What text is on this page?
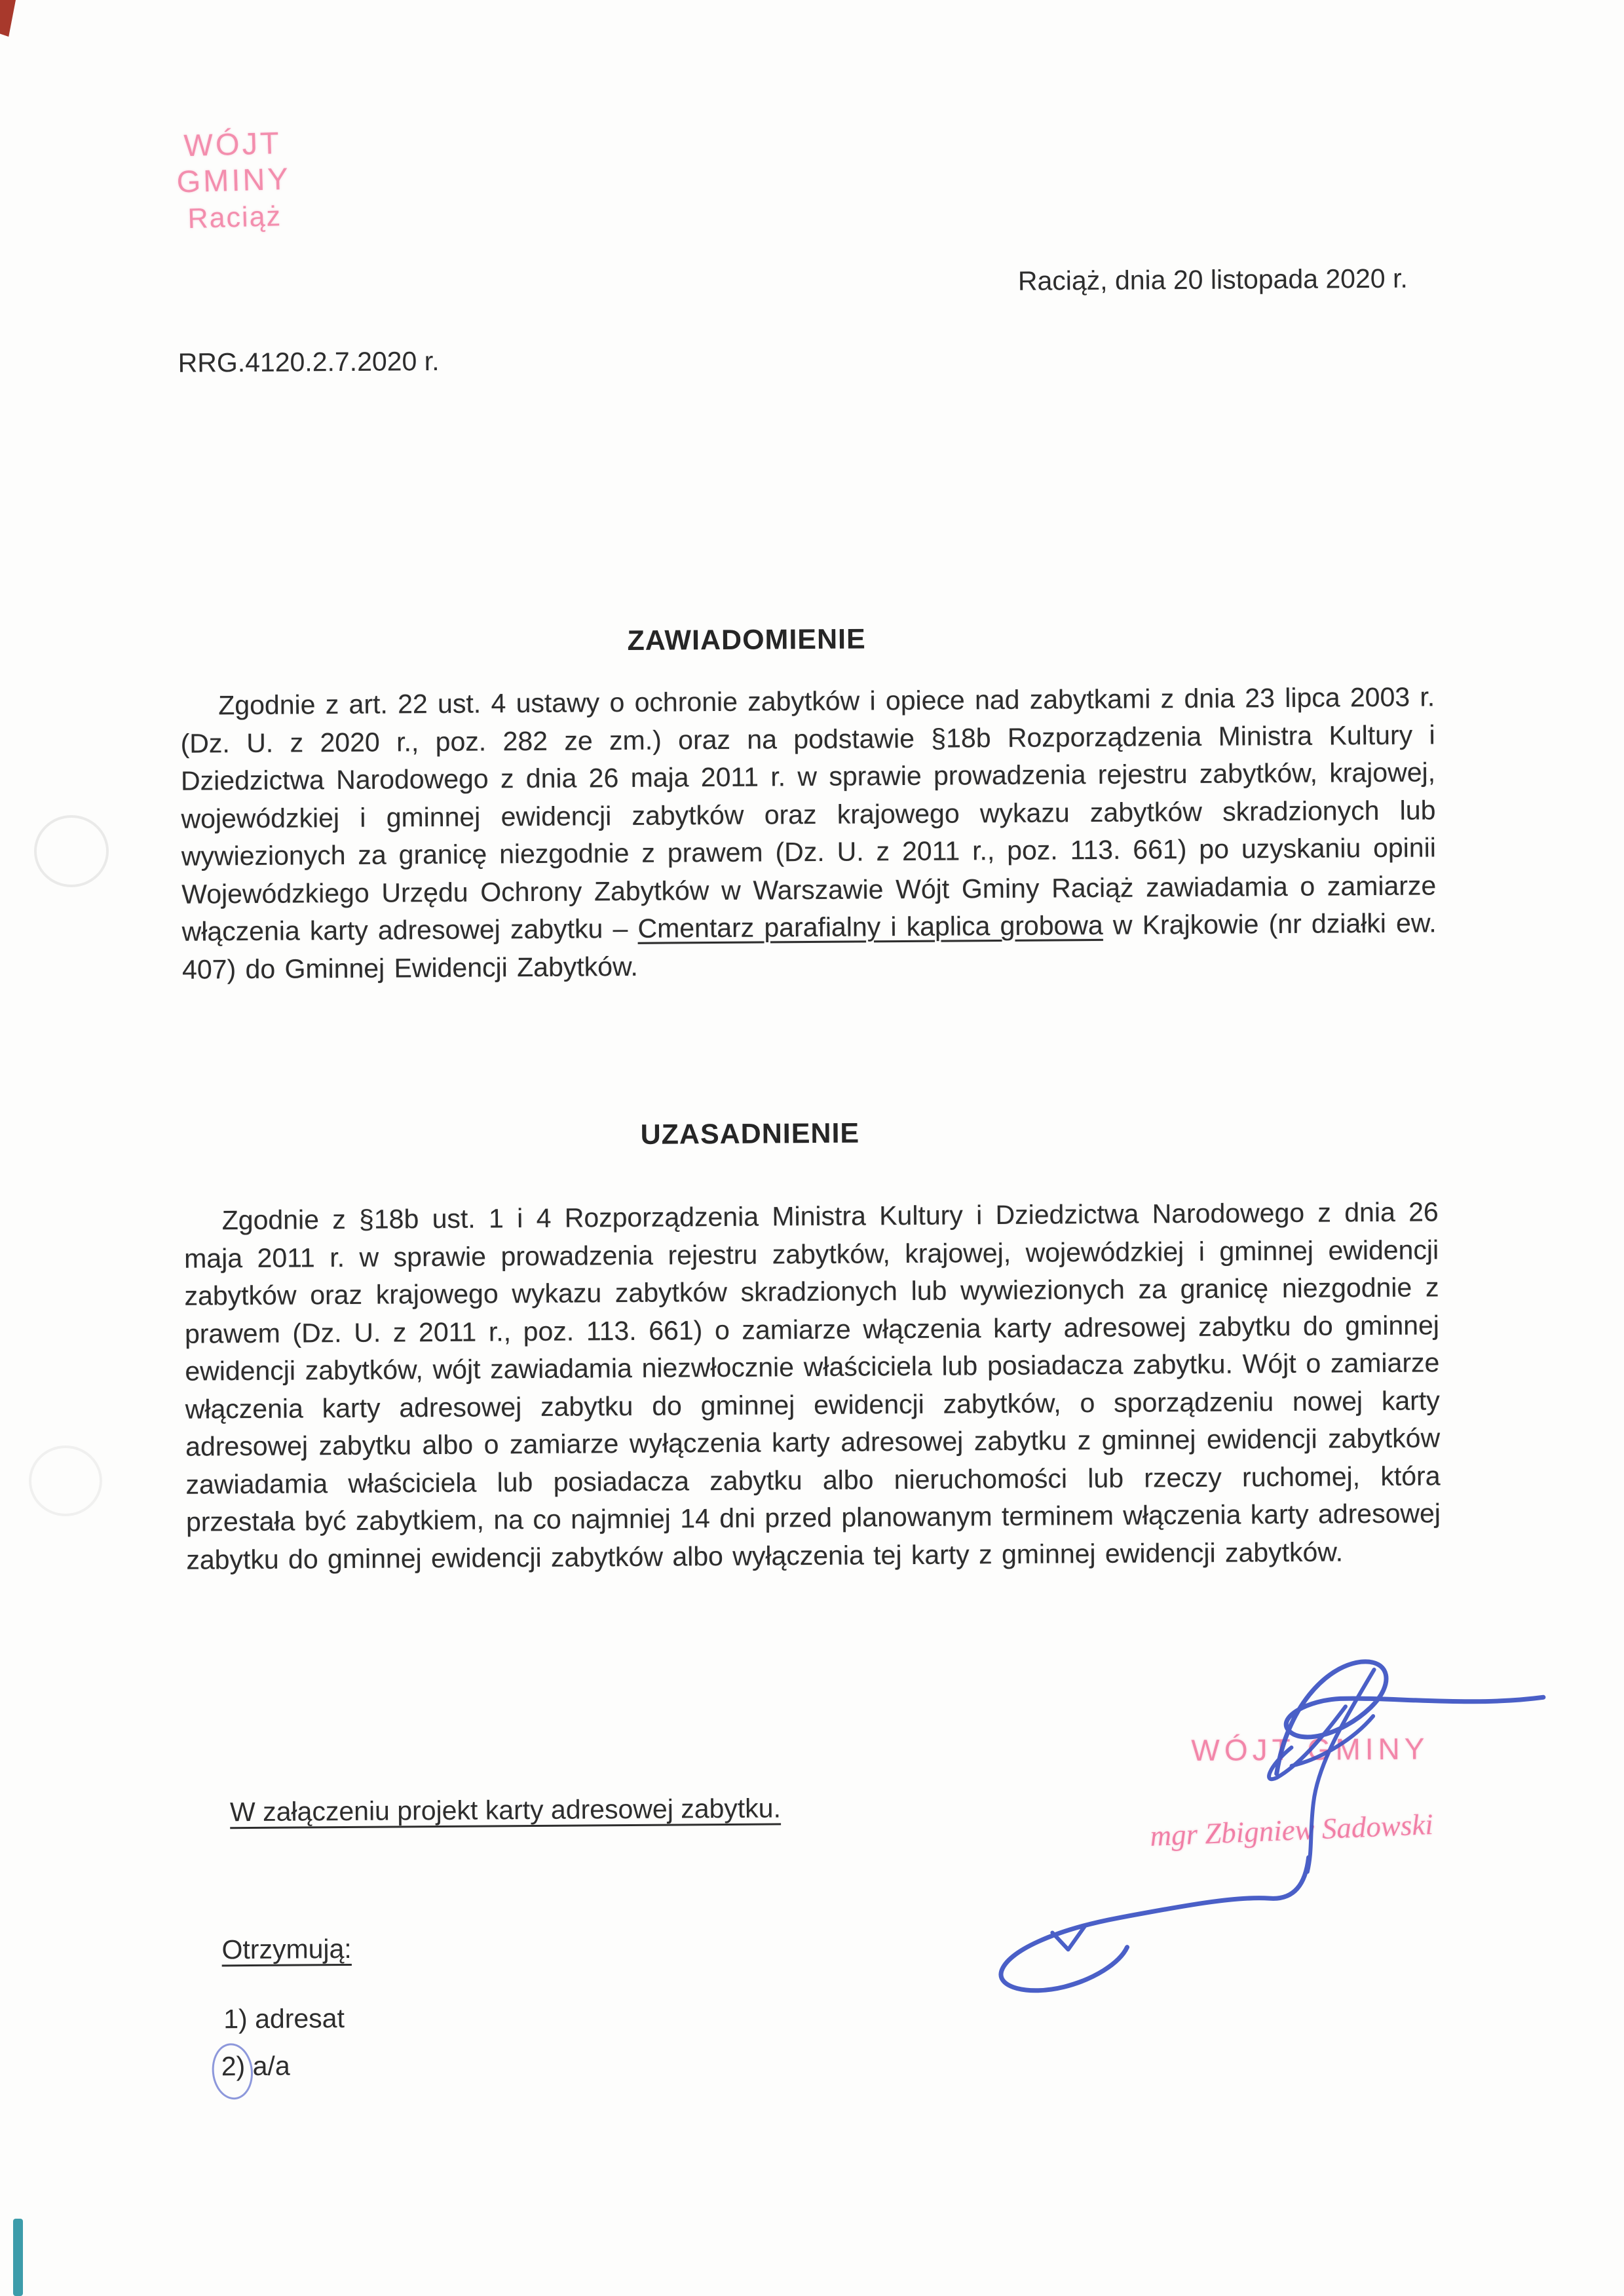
WÓJT GMINY
Raciąż
Raciąż, dnia 20 listopada 2020 r.
RRG.4120.2.7.2020 r.
ZAWIADOMIENIE

Zgodnie z art. 22 ust. 4 ustawy o ochronie zabytków i opiece nad zabytkami z dnia 23 lipca 2003 r. (Dz. U. z 2020 r., poz. 282 ze zm.) oraz na podstawie §18b Rozporządzenia Ministra Kultury i Dziedzictwa Narodowego z dnia 26 maja 2011 r. w sprawie prowadzenia rejestru zabytków, krajowej, wojewódzkiej i gminnej ewidencji zabytków oraz krajowego wykazu zabytków skradzionych lub wywiezionych za granicę niezgodnie z prawem (Dz. U. z 2011 r., poz. 113. 661) po uzyskaniu opinii Wojewódzkiego Urzędu Ochrony Zabytków w Warszawie Wójt Gminy Raciąż zawiadamia o zamiarze włączenia karty adresowej zabytku – Cmentarz parafialny i kaplica grobowa w Krajkowie (nr działki ew. 407) do Gminnej Ewidencji Zabytków.

UZASADNIENIE

Zgodnie z §18b ust. 1 i 4 Rozporządzenia Ministra Kultury i Dziedzictwa Narodowego z dnia 26 maja 2011 r. w sprawie prowadzenia rejestru zabytków, krajowej, wojewódzkiej i gminnej ewidencji zabytków oraz krajowego wykazu zabytków skradzionych lub wywiezionych za granicę niezgodnie z prawem (Dz. U. z 2011 r., poz. 113. 661) o zamiarze włączenia karty adresowej zabytku do gminnej ewidencji zabytków, wójt zawiadamia niezwłocznie właściciela lub posiadacza zabytku. Wójt o zamiarze włączenia karty adresowej zabytku do gminnej ewidencji zabytków, o sporządzeniu nowej karty adresowej zabytku albo o zamiarze wyłączenia karty adresowej zabytku z gminnej ewidencji zabytków zawiadamia właściciela lub posiadacza zabytku albo nieruchomości lub rzeczy ruchomej, która przestała być zabytkiem, na co najmniej 14 dni przed planowanym terminem włączenia karty adresowej zabytku do gminnej ewidencji zabytków albo wyłączenia tej karty z gminnej ewidencji zabytków.

W załączeniu projekt karty adresowej zabytku.
WÓJT GMINY
mgr Zbigniew Sadowski
Otrzymują:
1) adresat
2) a/a
